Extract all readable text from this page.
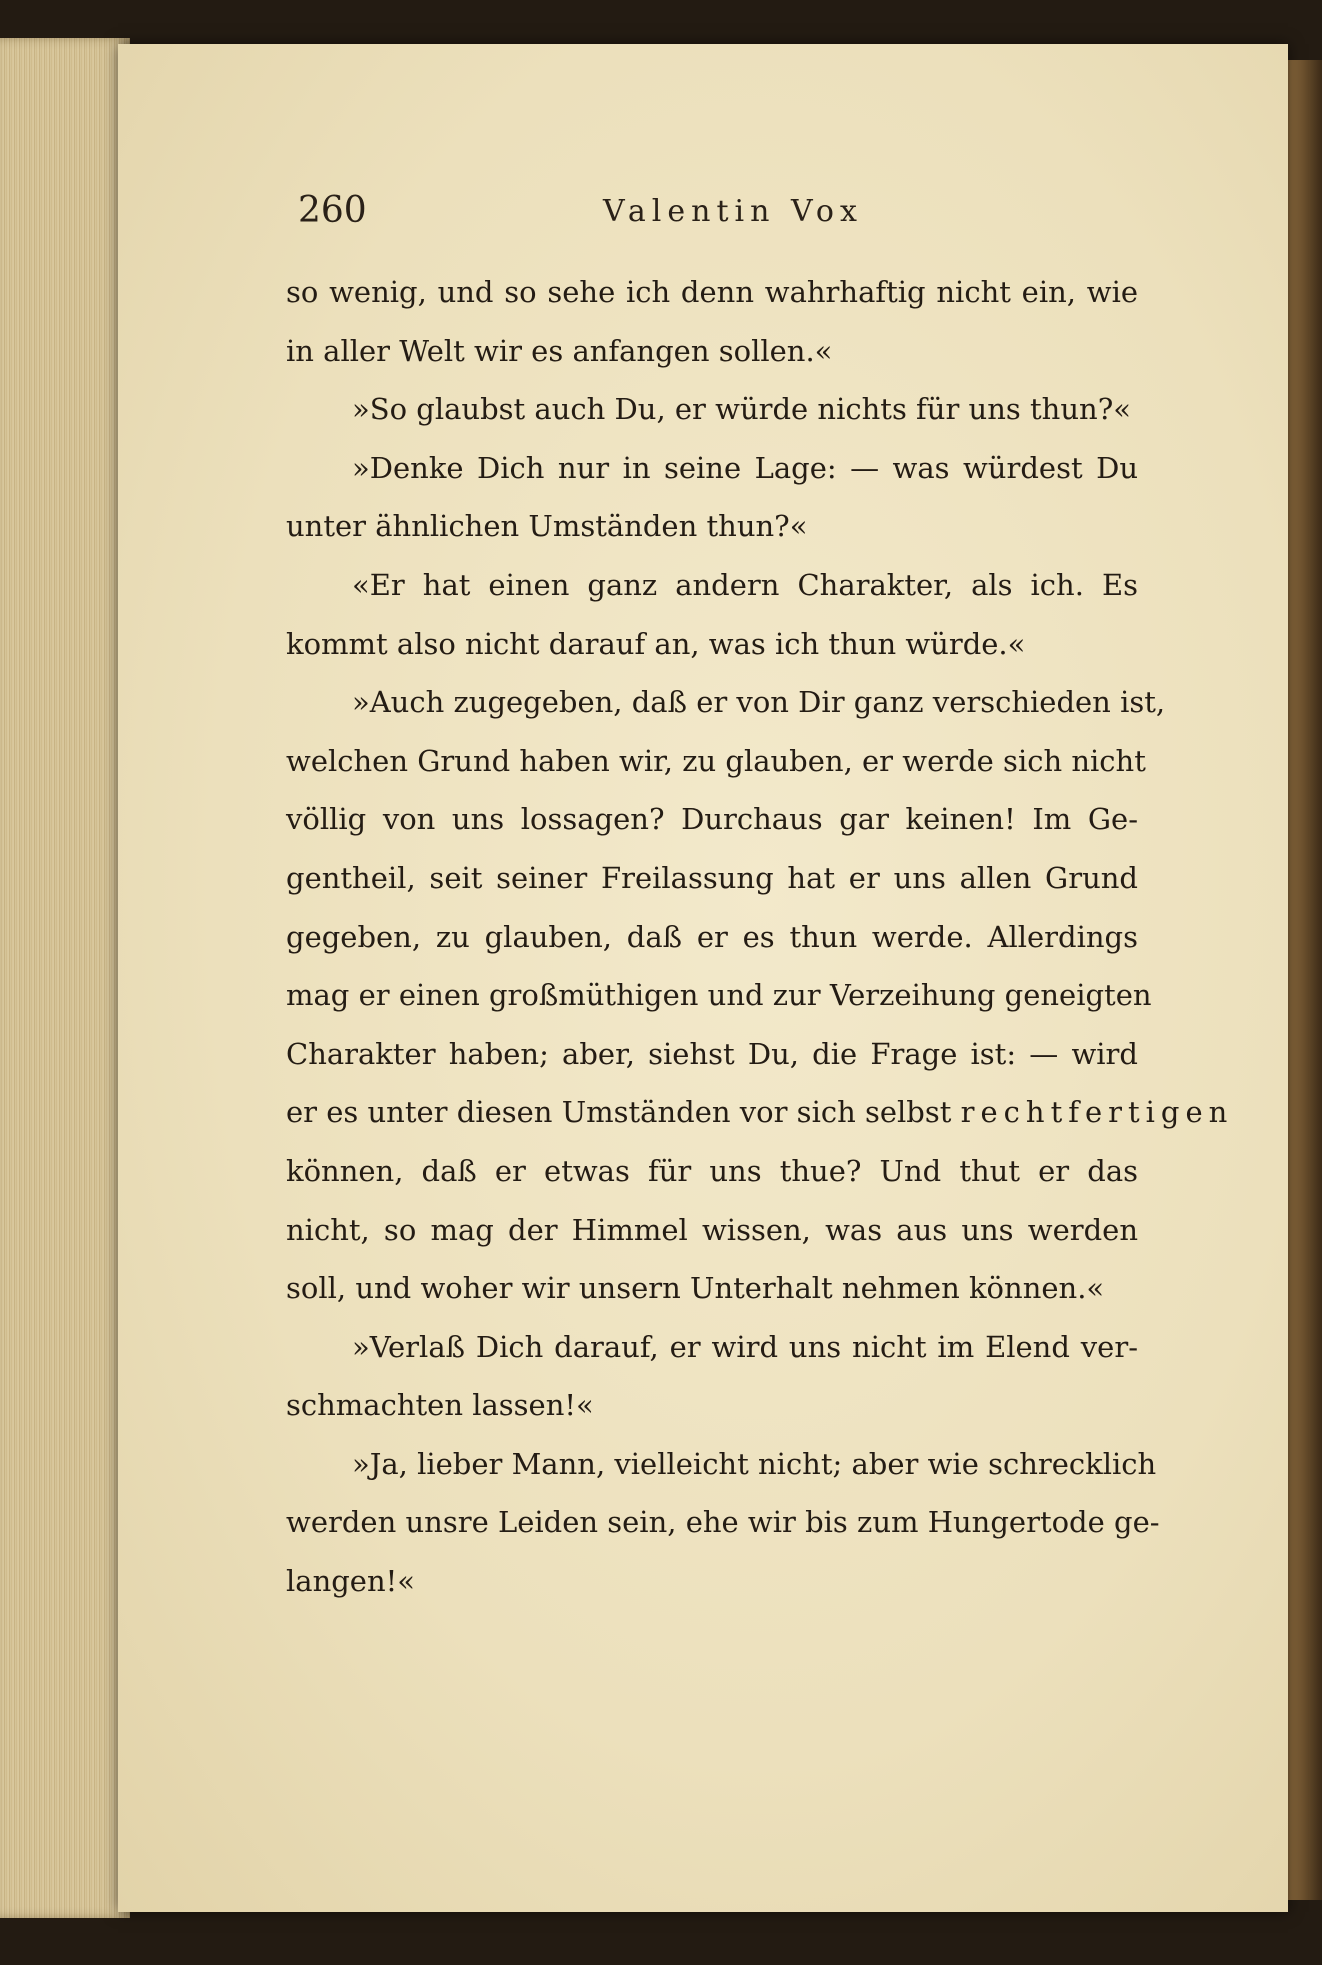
260	Valentin Vox
so wenig, und so sehe ich denn wahrhaftig nicht ein, wie
in aller Welt wir es anfangen sollen.«
»So glaubst auch Du, er würde nichts für uns thun?«
»Denke Dich nur in seine Lage: — was würdest Du
unter ähnlichen Umständen thun?«
«Er hat einen ganz andern Charakter, als ich. Es
kommt also nicht darauf an, was ich thun würde.«
»Auch zugegeben, daß er von Dir ganz verschieden ist,
welchen Grund haben wir, zu glauben, er werde sich nicht
völlig von uns lossagen? Durchaus gar keinen! Im Ge-
gentheil, seit seiner Freilassung hat er uns allen Grund
gegeben, zu glauben, daß er es thun werde. Allerdings
mag er einen großmüthigen und zur Verzeihung geneigten
Charakter haben; aber, siehst Du, die Frage ist: — wird
er es unter diesen Umständen vor sich selbst rechtfertigen
können, daß er etwas für uns thue? Und thut er das
nicht, so mag der Himmel wissen, was aus uns werden
soll, und woher wir unsern Unterhalt nehmen können.«
»Verlaß Dich darauf, er wird uns nicht im Elend ver-
schmachten lassen!«
»Ja, lieber Mann, vielleicht nicht; aber wie schrecklich
werden unsre Leiden sein, ehe wir bis zum Hungertode ge-
langen!«
